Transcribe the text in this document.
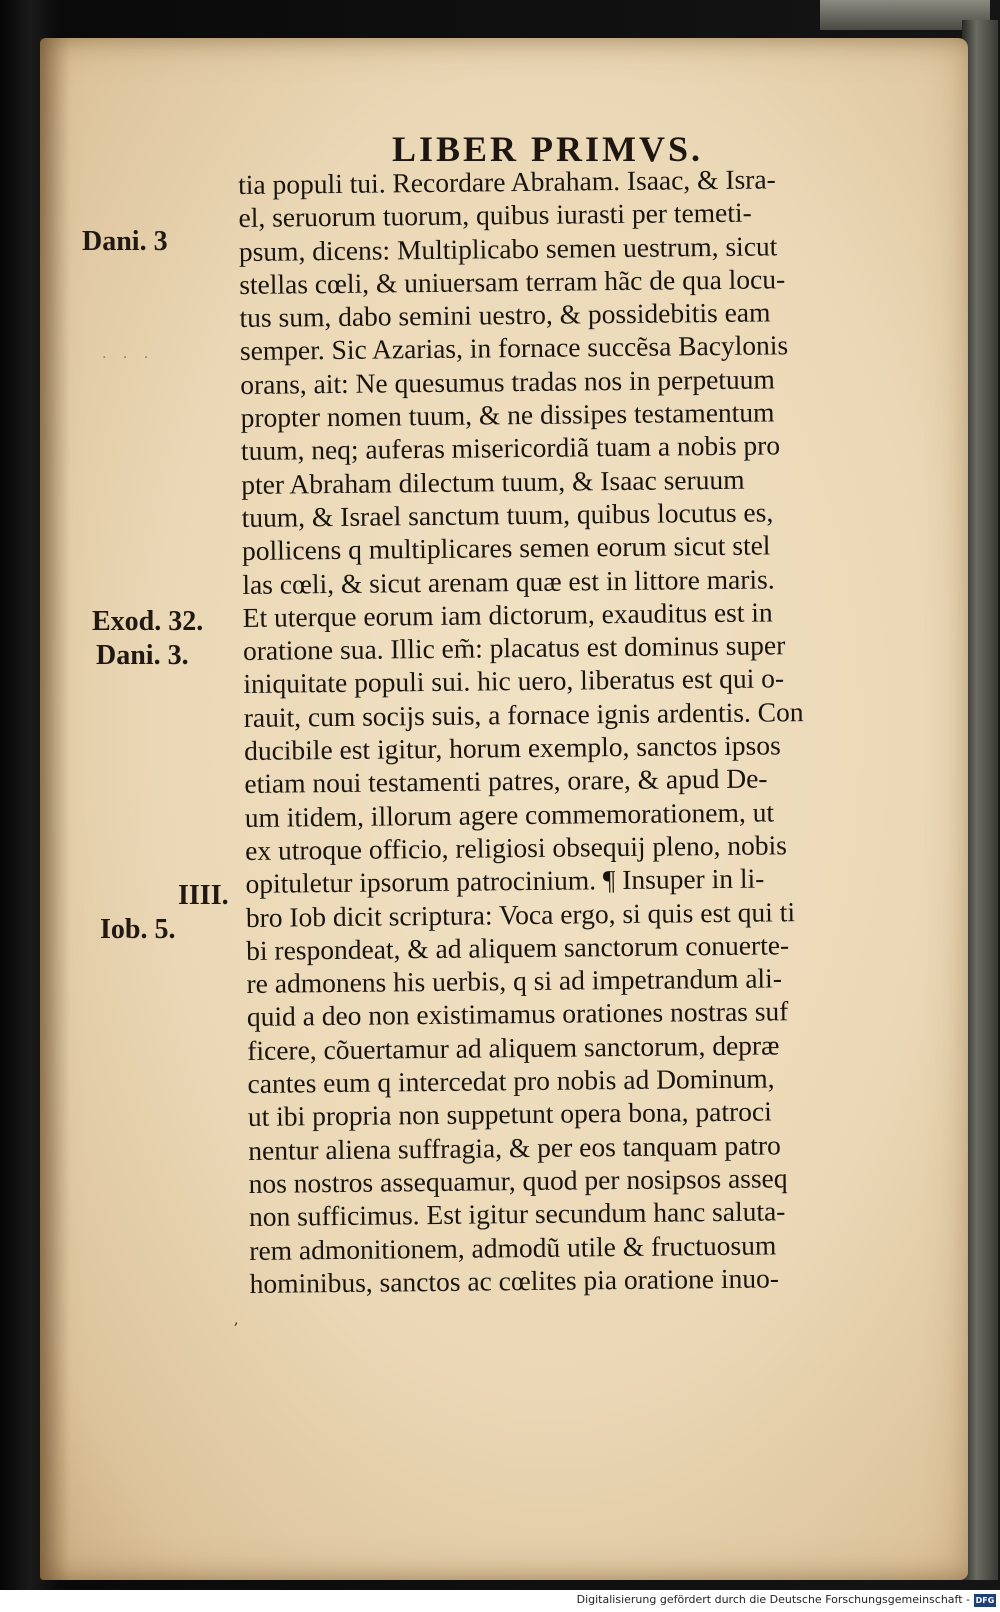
LIBER PRIMVS.
Dani. 3
· · ·
Exod. 32.
Dani. 3.
IIII.
Iob. 5.
tia populi tui. Recordare Abraham. Isaac, & Isra-
el, seruorum tuorum, quibus iurasti per temeti-
psum, dicens: Multiplicabo semen uestrum, sicut
stellas cœli, & uniuersam terram hãc de qua locu-
tus sum, dabo semini uestro, & possidebitis eam
semper. Sic Azarias, in fornace succẽsa Bacylonis
orans, ait: Ne quesumus tradas nos in perpetuum
propter nomen tuum, & ne dissipes testamentum
tuum, neq; auferas misericordiã tuam a nobis pro
pter Abraham dilectum tuum, & Isaac seruum
tuum, & Israel sanctum tuum, quibus locutus es,
pollicens q multiplicares semen eorum sicut stel
las cœli, & sicut arenam quæ est in littore maris.
Et uterque eorum iam dictorum, exauditus est in
oratione sua. Illic em̃: placatus est dominus super
iniquitate populi sui. hic uero, liberatus est qui o-
rauit, cum socijs suis, a fornace ignis ardentis. Con
ducibile est igitur, horum exemplo, sanctos ipsos
etiam noui testamenti patres, orare, & apud De-
um itidem, illorum agere commemorationem, ut
ex utroque officio, religiosi obsequij pleno, nobis
opituletur ipsorum patrocinium. ¶ Insuper in li-
bro Iob dicit scriptura: Voca ergo, si quis est qui ti
bi respondeat, & ad aliquem sanctorum conuerte-
re admonens his uerbis, q si ad impetrandum ali-
quid a deo non existimamus orationes nostras suf
ficere, cõuertamur ad aliquem sanctorum, depræ
cantes eum q intercedat pro nobis ad Dominum,
ut ibi propria non suppetunt opera bona, patroci
nentur aliena suffragia, & per eos tanquam patro
nos nostros assequamur, quod per nosipsos asseq
non sufficimus. Est igitur secundum hanc saluta-
rem admonitionem, admodũ utile & fructuosum
hominibus, sanctos ac cœlites pia oratione inuo-
,
Digitalisierung gefördert durch die Deutsche Forschungsgemeinschaft - DFG
